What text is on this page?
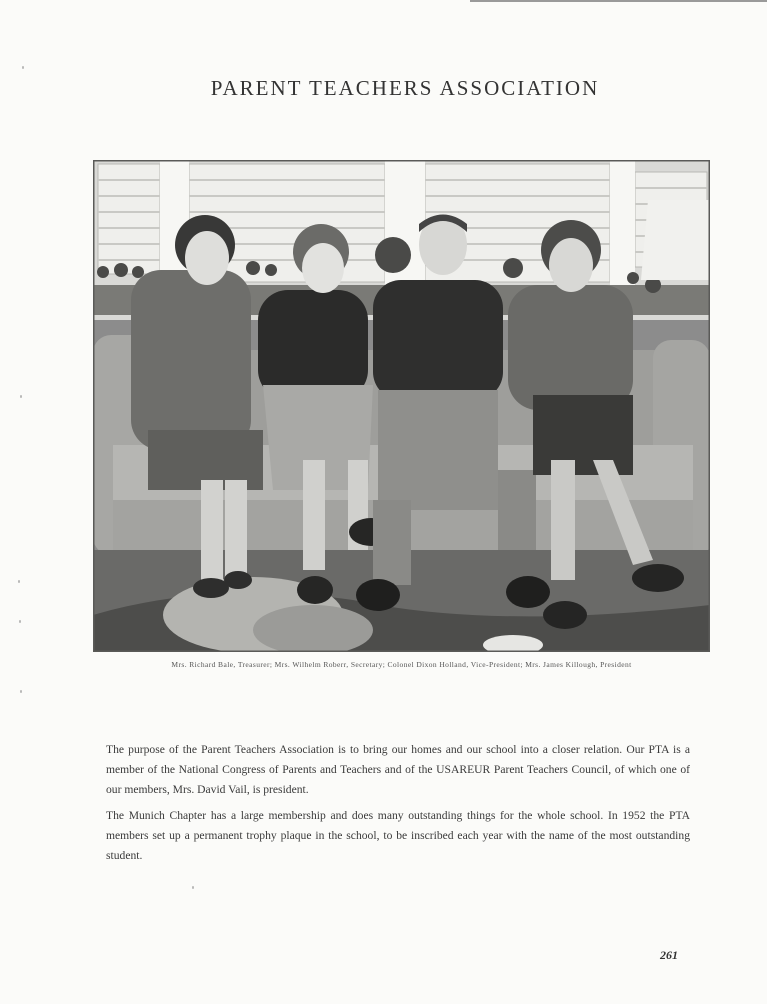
PARENT TEACHERS ASSOCIATION
Mrs. Richard Bale, Treasurer; Mrs. Wilhelm Roberr, Secretary; Colonel Dixon Holland, Vice-President; Mrs. James Killough, President

The purpose of the Parent Teachers Association is to bring our homes and our school into a closer relation. Our PTA is a member of the National Congress of Parents and Teachers and of the USAREUR Parent Teachers Council, of which one of our members, Mrs. David Vail, is president.

The Munich Chapter has a large membership and does many outstanding things for the whole school. In 1952 the PTA members set up a permanent trophy plaque in the school, to be inscribed each year with the name of the most outstanding student.

261
